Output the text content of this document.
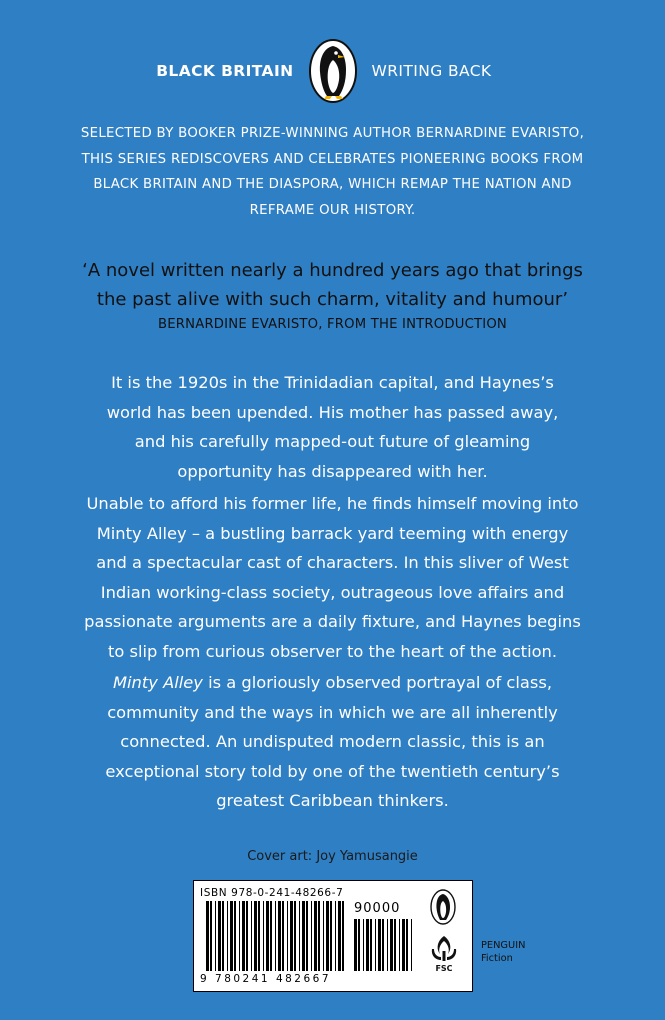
BLACK BRITAIN	WRITING BACK
SELECTED BY BOOKER PRIZE-WINNING AUTHOR BERNARDINE EVARISTO,
THIS SERIES REDISCOVERS AND CELEBRATES PIONEERING BOOKS FROM
BLACK BRITAIN AND THE DIASPORA, WHICH REMAP THE NATION AND
REFRAME OUR HISTORY.
‘A novel written nearly a hundred years ago that brings
the past alive with such charm, vitality and humour’
BERNARDINE EVARISTO, FROM THE INTRODUCTION
It is the 1920s in the Trinidadian capital, and Haynes’s
world has been upended. His mother has passed away,
and his carefully mapped-out future of gleaming
opportunity has disappeared with her.
Unable to afford his former life, he finds himself moving into
Minty Alley – a bustling barrack yard teeming with energy
and a spectacular cast of characters. In this sliver of West
Indian working-class society, outrageous love affairs and
passionate arguments are a daily fixture, and Haynes begins
to slip from curious observer to the heart of the action.
Minty Alley is a gloriously observed portrayal of class,
community and the ways in which we are all inherently
connected. An undisputed modern classic, this is an
exceptional story told by one of the twentieth century’s
greatest Caribbean thinkers.
Cover art: Joy Yamusangie
ISBN 978-0-241-48266-7
90000
9 780241 482667
FSC
PENGUIN
Fiction
